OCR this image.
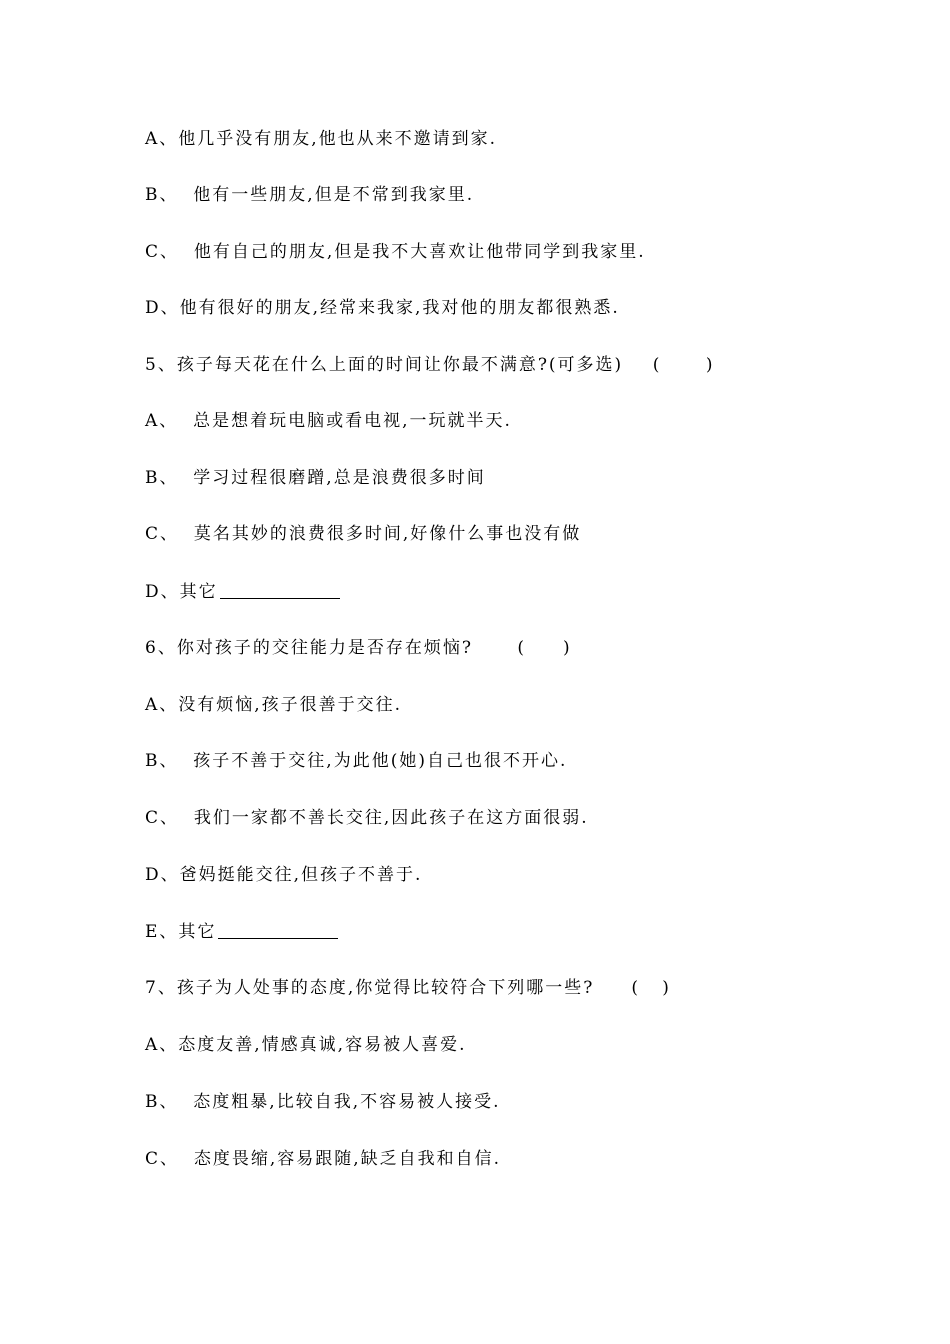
A、他几乎没有朋友,他也从来不邀请到家.
B、  他有一些朋友,但是不常到我家里.
C、  他有自己的朋友,但是我不大喜欢让他带同学到我家里.
D、他有很好的朋友,经常来我家,我对他的朋友都很熟悉.
5、孩子每天花在什么上面的时间让你最不满意?(可多选)    (      )
A、  总是想着玩电脑或看电视,一玩就半天.
B、  学习过程很磨蹭,总是浪费很多时间
C、  莫名其妙的浪费很多时间,好像什么事也没有做
D、其它
6、你对孩子的交往能力是否存在烦恼?      (     )
A、没有烦恼,孩子很善于交往.
B、  孩子不善于交往,为此他(她)自己也很不开心.
C、  我们一家都不善长交往,因此孩子在这方面很弱.
D、爸妈挺能交往,但孩子不善于.
E、其它
7、孩子为人处事的态度,你觉得比较符合下列哪一些?     (   )
A、态度友善,情感真诚,容易被人喜爱.
B、  态度粗暴,比较自我,不容易被人接受.
C、  态度畏缩,容易跟随,缺乏自我和自信.
